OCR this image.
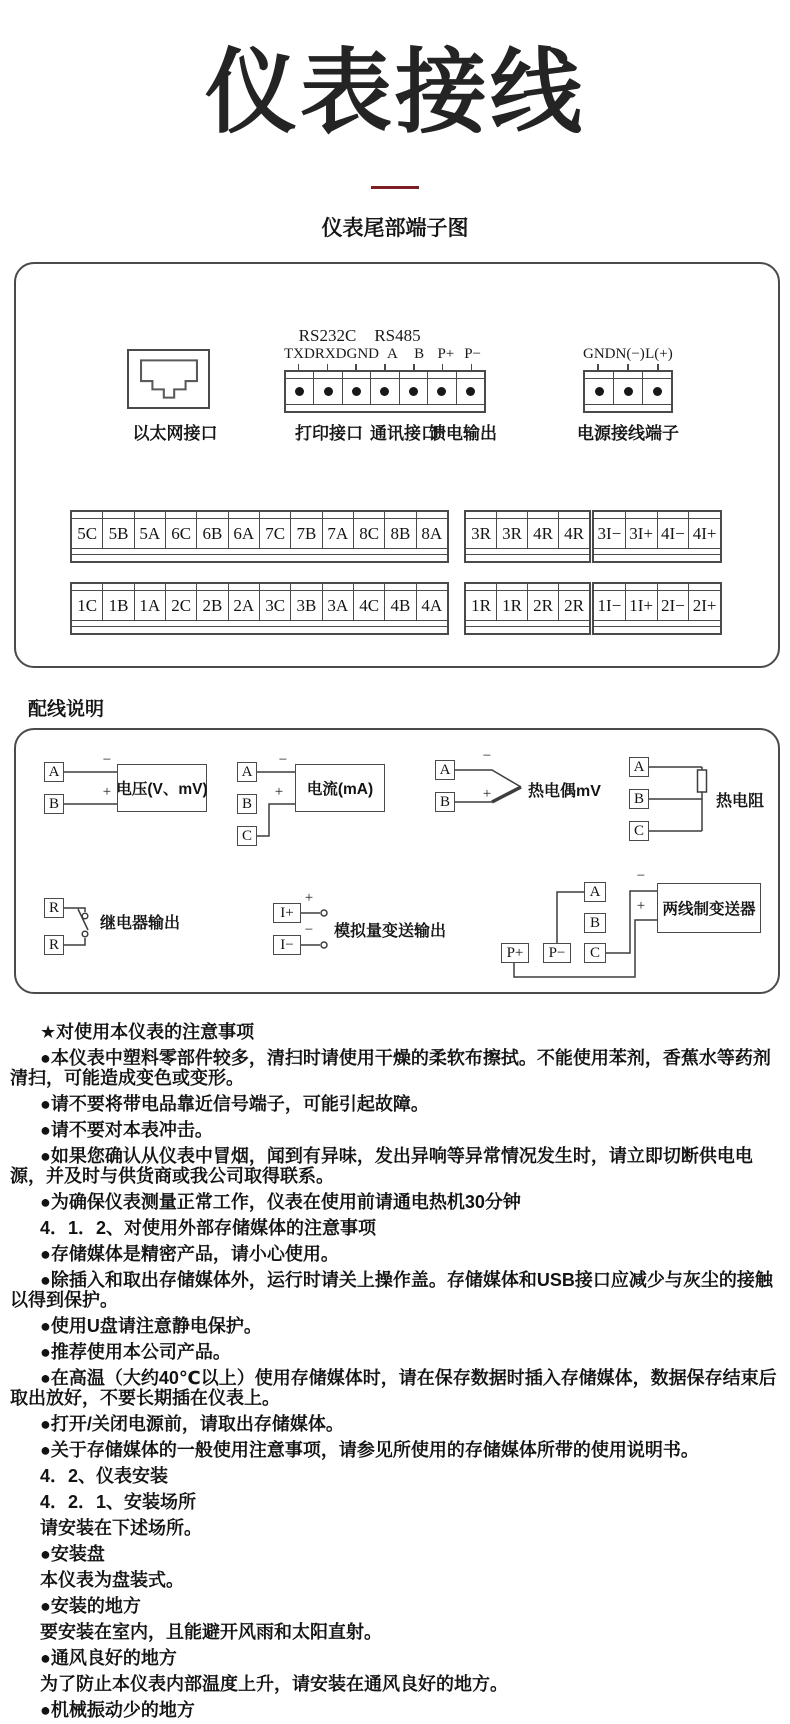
仪表接线
仪表尾部端子图
以太网接口
RS232C	RS485
TXD RXD GND A	B P+ P−
打印接口 通讯接口
馈电输出
GND N(−) L(+)
电源接线端子
5C 5B 5A 6C 6B 6A 7C 7B 7A 8C 8B 8A 3R 3R 4R 4R 3I− 3I+ 4I− 4I+
1C 1B 1A 2C 2B 2A 3C 3B 3A 4C 4B 4A 1R 1R 2R 2R 1I− 1I+ 2I− 2I+
配线说明
A
B
−
+ 电压(V、mV)
A
B
C
−
+	电流(mA)
A
B
−
+ 热电偶mV
A
B
C
热电阻
R
R
继电器输出
I+
I−
+
− 模拟量变送输出
P+	P−
A
B
C
−
+	两线制变送器

★对使用本仪表的注意事项

●本仪表中塑料零部件较多，清扫时请使用干燥的柔软布擦拭。不能使用苯剂，香蕉水等药剂清扫，可能造成变色或变形。

●请不要将带电品靠近信号端子，可能引起故障。

●请不要对本表冲击。

●如果您确认从仪表中冒烟，闻到有异味，发出异响等异常情况发生时，请立即切断供电电源，并及时与供货商或我公司取得联系。

●为确保仪表测量正常工作，仪表在使用前请通电热机30分钟

4．1．2、对使用外部存储媒体的注意事项

●存储媒体是精密产品，请小心使用。

●除插入和取出存储媒体外，运行时请关上操作盖。存储媒体和USB接口应减少与灰尘的接触以得到保护。

●使用U盘请注意静电保护。

●推荐使用本公司产品。

●在高温（大约40℃以上）使用存储媒体时，请在保存数据时插入存储媒体，数据保存结束后取出放好，不要长期插在仪表上。

●打开/关闭电源前，请取出存储媒体。

●关于存储媒体的一般使用注意事项，请参见所使用的存储媒体所带的使用说明书。

4．2、仪表安装

4．2．1、安装场所

请安装在下述场所。

●安装盘

本仪表为盘装式。

●安装的地方

要安装在室内，且能避开风雨和太阳直射。

●通风良好的地方

为了防止本仪表内部温度上升，请安装在通风良好的地方。

●机械振动少的地方
